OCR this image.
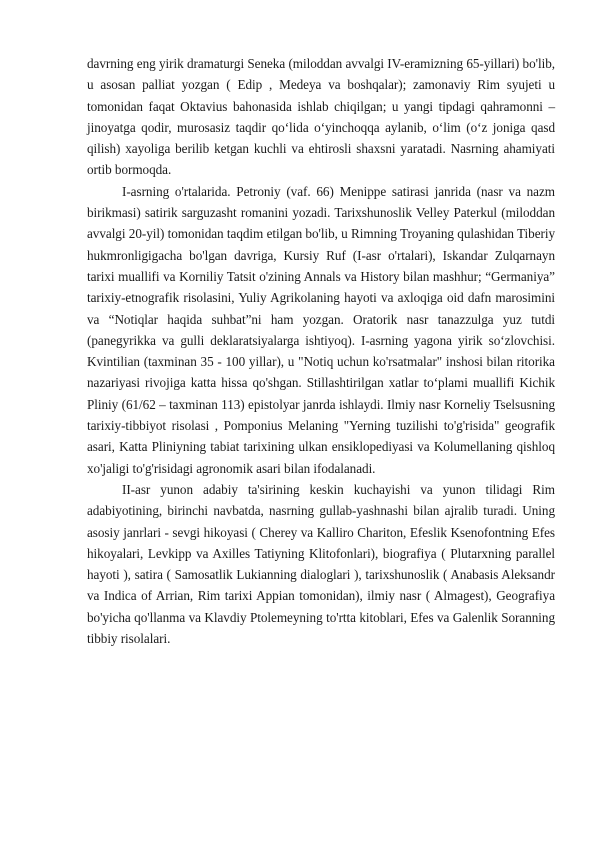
davrning eng yirik dramaturgi Seneka (miloddan avvalgi IV-eramizning 65-yillari) bo'lib, u asosan palliat yozgan ( Edip , Medeya va boshqalar); zamonaviy Rim syujeti u tomonidan faqat Oktavius bahonasida ishlab chiqilgan; u yangi tipdagi qahramonni – jinoyatga qodir, murosasiz taqdir qo‘lida o‘yinchoqqa aylanib, o‘lim (o‘z joniga qasd qilish) xayoliga berilib ketgan kuchli va ehtirosli shaxsni yaratadi. Nasrning ahamiyati ortib bormoqda.

I-asrning o'rtalarida. Petroniy (vaf. 66) Menippe satirasi janrida (nasr va nazm birikmasi) satirik sarguzasht romanini yozadi. Tarixshunoslik Velley Paterkul (miloddan avvalgi 20-yil) tomonidan taqdim etilgan bo'lib, u Rimning Troyaning qulashidan Tiberiy hukmronligigacha bo'lgan davriga, Kursiy Ruf (I-asr o'rtalari), Iskandar Zulqarnayn tarixi muallifi va Korniliy Tatsit o'zining Annals va History bilan mashhur; “Germaniya” tarixiy-etnografik risolasini, Yuliy Agrikolaning hayoti va axloqiga oid dafn marosimini va “Notiqlar haqida suhbat”ni ham yozgan. Oratorik nasr tanazzulga yuz tutdi (panegyrikka va gulli deklaratsiyalarga ishtiyoq). I-asrning yagona yirik so‘zlovchisi. Kvintilian (taxminan 35 - 100 yillar), u "Notiq uchun ko'rsatmalar" inshosi bilan ritorika nazariyasi rivojiga katta hissa qo'shgan. Stillashtirilgan xatlar to‘plami muallifi Kichik Pliniy (61/62 – taxminan 113) epistolyar janrda ishlaydi. Ilmiy nasr Korneliy Tselsusning tarixiy-tibbiyot risolasi , Pomponius Melaning "Yerning tuzilishi to'g'risida" geografik asari, Katta Pliniyning tabiat tarixining ulkan ensiklopediyasi va Kolumellaning qishloq xo'jaligi to'g'risidagi agronomik asari bilan ifodalanadi.

II-asr yunon adabiy ta'sirining keskin kuchayishi va yunon tilidagi Rim adabiyotining, birinchi navbatda, nasrning gullab-yashnashi bilan ajralib turadi. Uning asosiy janrlari - sevgi hikoyasi ( Cherey va Kalliro Chariton, Efeslik Ksenofontning Efes hikoyalari, Levkipp va Axilles Tatiyning Klitofonlari), biografiya ( Plutarxning parallel hayoti ), satira ( Samosatlik Lukianning dialoglari ), tarixshunoslik ( Anabasis Aleksandr va Indica of Arrian, Rim tarixi Appian tomonidan), ilmiy nasr ( Almagest), Geografiya bo'yicha qo'llanma va Klavdiy Ptolemeyning to'rtta kitoblari, Efes va Galenlik Soranning tibbiy risolalari.
